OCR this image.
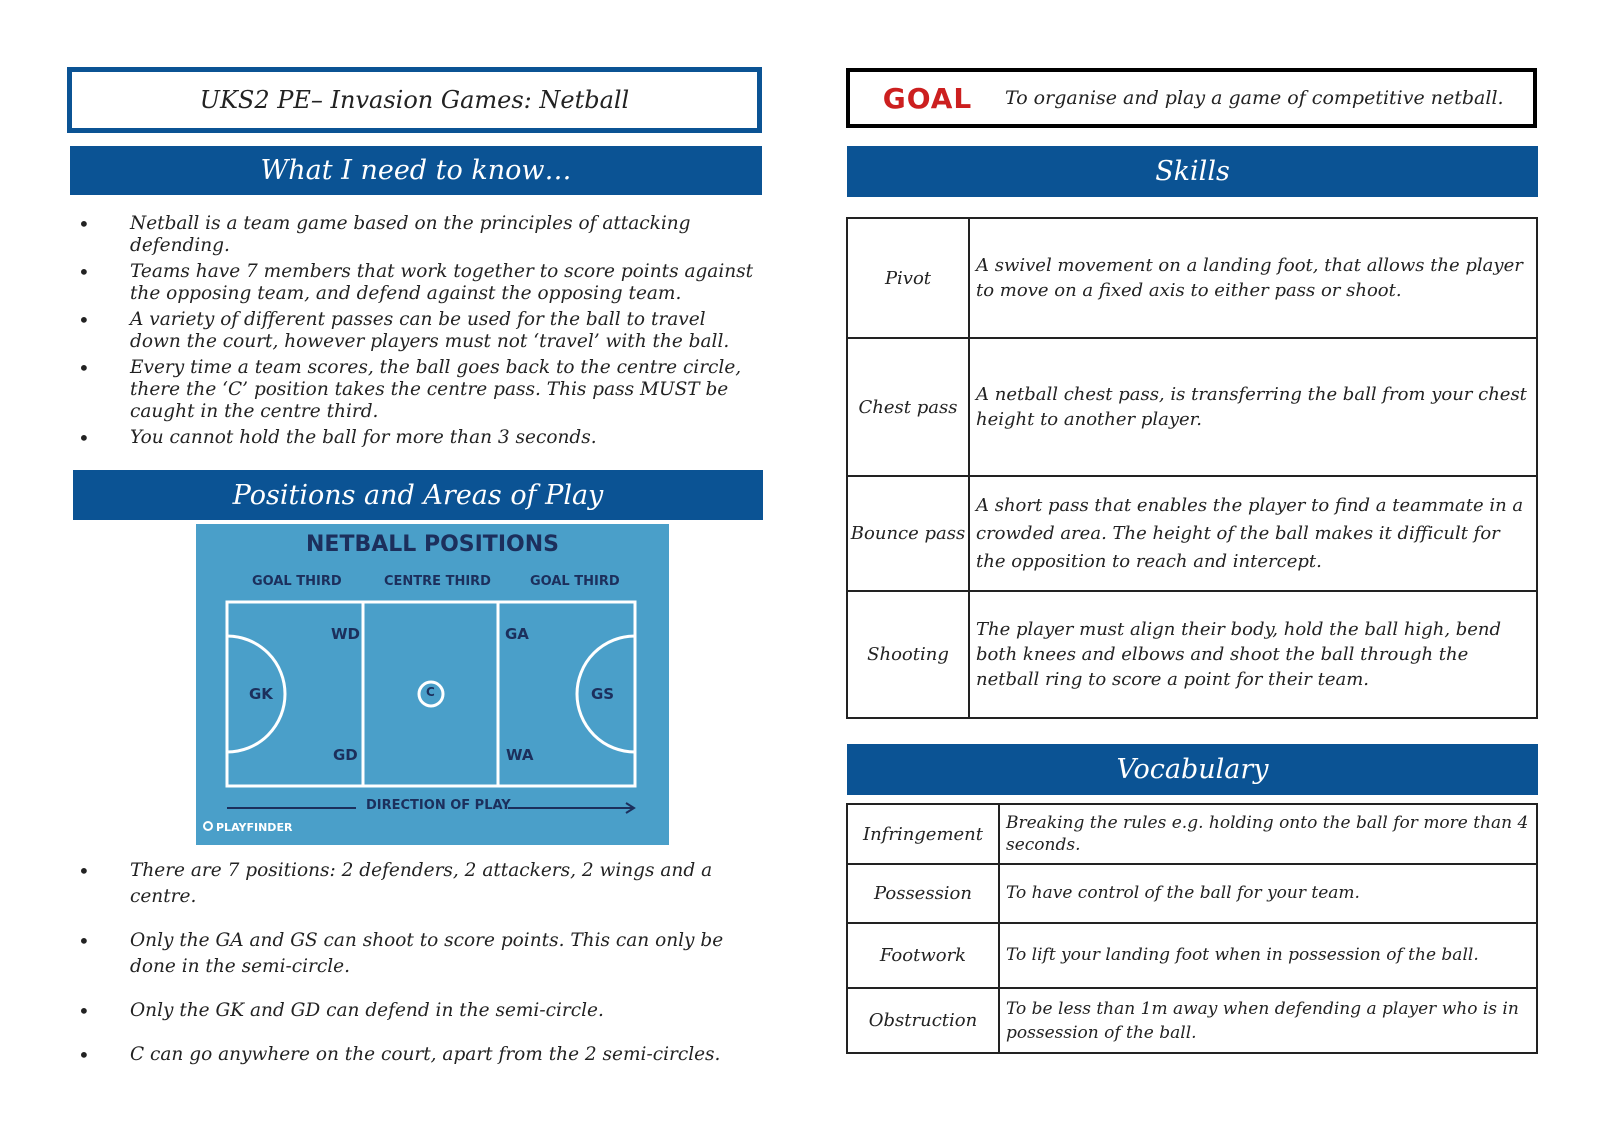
UKS2 PE– Invasion Games: Netball
What I need to know…
• Netball is a team game based on the principles of attacking defending.
• Teams have 7 members that work together to score points against the opposing team, and defend against the opposing team.
• A variety of different passes can be used for the ball to travel down the court, however players must not ‘travel’ with the ball.
• Every time a team scores, the ball goes back to the centre circle, there the ‘C’ position takes the centre pass. This pass MUST be caught in the centre third.
• You cannot hold the ball for more than 3 seconds.
Positions and Areas of Play
NETBALL POSITIONS
GOAL THIRD	CENTRE THIRD	GOAL THIRD
GK
WD
GD
C
GA
WA
GS
DIRECTION OF PLAY
PLAYFINDER
• There are 7 positions: 2 defenders, 2 attackers, 2 wings and a centre.
• Only the GA and GS can shoot to score points. This can only be done in the semi-circle.
• Only the GK and GD can defend in the semi-circle.
• C can go anywhere on the court, apart from the 2 semi-circles.
GOAL	To organise and play a game of competitive netball.
Skills
Pivot	A swivel movement on a landing foot, that allows the player to move on a fixed axis to either pass or shoot.
Chest pass	A netball chest pass, is transferring the ball from your chest height to another player.
Bounce pass	A short pass that enables the player to find a teammate in a crowded area. The height of the ball makes it difficult for the opposition to reach and intercept.
Shooting	The player must align their body, hold the ball high, bend both knees and elbows and shoot the ball through the netball ring to score a point for their team.
Vocabulary
Infringement	Breaking the rules e.g. holding onto the ball for more than 4 seconds.
Possession	To have control of the ball for your team.
Footwork	To lift your landing foot when in possession of the ball.
Obstruction	To be less than 1m away when defending a player who is in possession of the ball.
